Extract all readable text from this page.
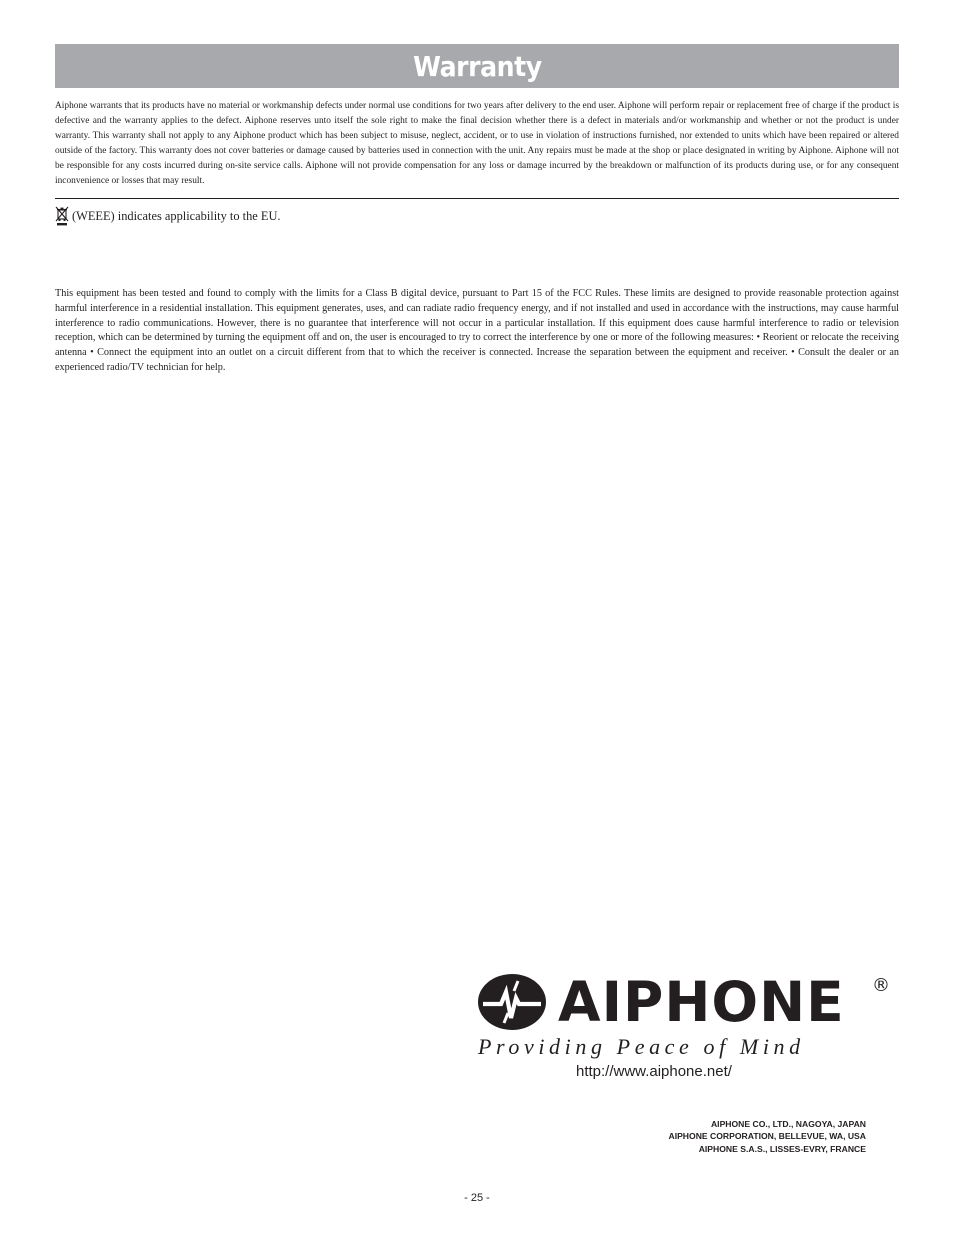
Warranty

Aiphone warrants that its products have no material or workmanship defects under normal use conditions for two years after delivery to the end user. Aiphone will perform repair or replacement free of charge if the product is defective and the warranty applies to the defect. Aiphone reserves unto itself the sole right to make the final decision whether there is a defect in materials and/or workmanship and whether or not the product is under warranty. This warranty shall not apply to any Aiphone product which has been subject to misuse, neglect, accident, or to use in violation of instructions furnished, nor extended to units which have been repaired or altered outside of the factory. This warranty does not cover batteries or damage caused by batteries used in connection with the unit. Any repairs must be made at the shop or place designated in writing by Aiphone. Aiphone will not be responsible for any costs incurred during on-site service calls. Aiphone will not provide compensation for any loss or damage incurred by the breakdown or malfunction of its products during use, or for any consequent inconvenience or losses that may result.

(WEEE) indicates applicability to the EU.

This equipment has been tested and found to comply with the limits for a Class B digital device, pursuant to Part 15 of the FCC Rules. These limits are designed to provide reasonable protection against harmful interference in a residential installation. This equipment generates, uses, and can radiate radio frequency energy, and if not installed and used in accordance with the instructions, may cause harmful interference to radio communications. However, there is no guarantee that interference will not occur in a particular installation. If this equipment does cause harmful interference to radio or television reception, which can be determined by turning the equipment off and on, the user is encouraged to try to correct the interference by one or more of the following measures: • Reorient or relocate the receiving antenna • Connect the equipment into an outlet on a circuit different from that to which the receiver is connected. Increase the separation between the equipment and receiver. • Consult the dealer or an experienced radio/TV technician for help.

AIPHONE ®
Providing Peace of Mind
http://www.aiphone.net/
AIPHONE CO., LTD., NAGOYA, JAPAN
AIPHONE CORPORATION, BELLEVUE, WA, USA
AIPHONE S.A.S., LISSES-EVRY, FRANCE
- 25 -
